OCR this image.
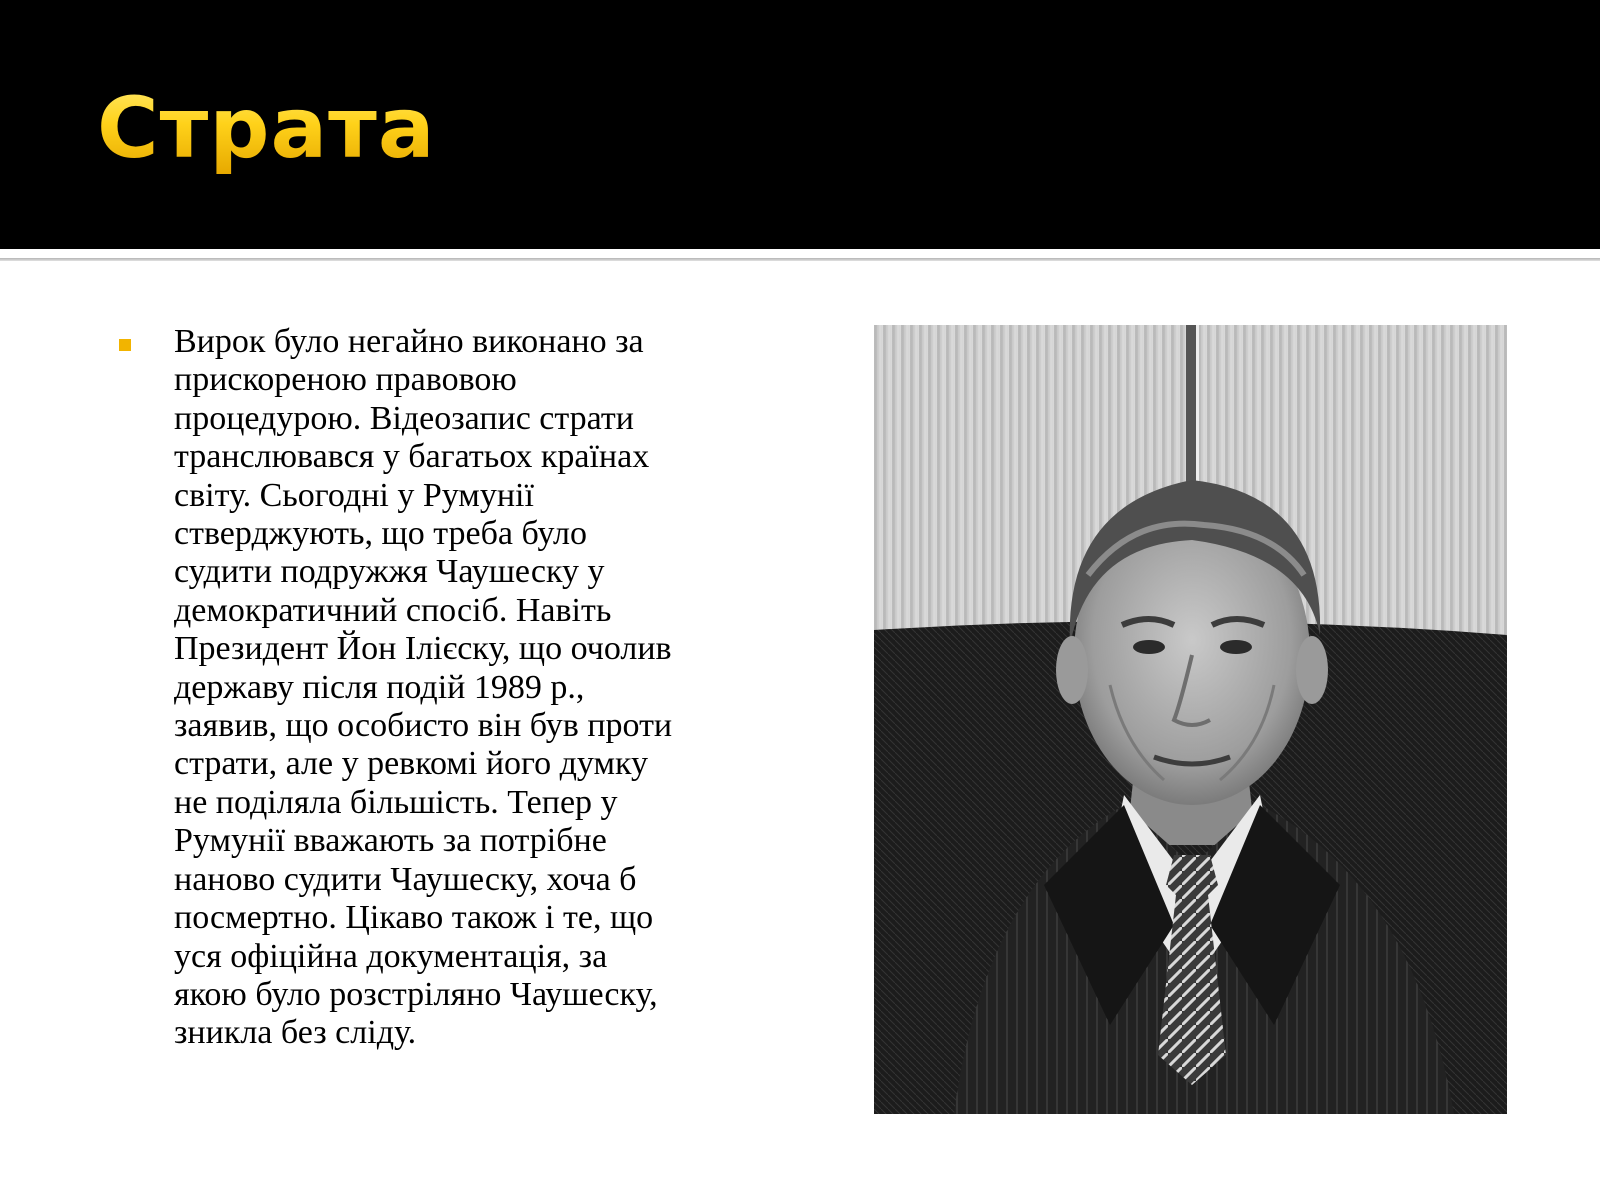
Страта
Вирок було негайно виконано за
прискореною правовою
процедурою. Відеозапис страти
транслювався у багатьох країнах
світу. Сьогодні у Румунії
стверджують, що треба було
судити подружжя Чаушеску у
демократичний спосіб. Навіть
Президент Йон Ілієску, що очолив
державу після подій 1989 р.,
заявив, що особисто він був проти
страти, але у ревкомі його думку
не поділяла більшість. Тепер у
Румунії вважають за потрібне
наново судити Чаушеску, хоча б
посмертно. Цікаво також і те, що
уся офіційна документація, за
якою було розстріляно Чаушеску,
зникла без сліду.
